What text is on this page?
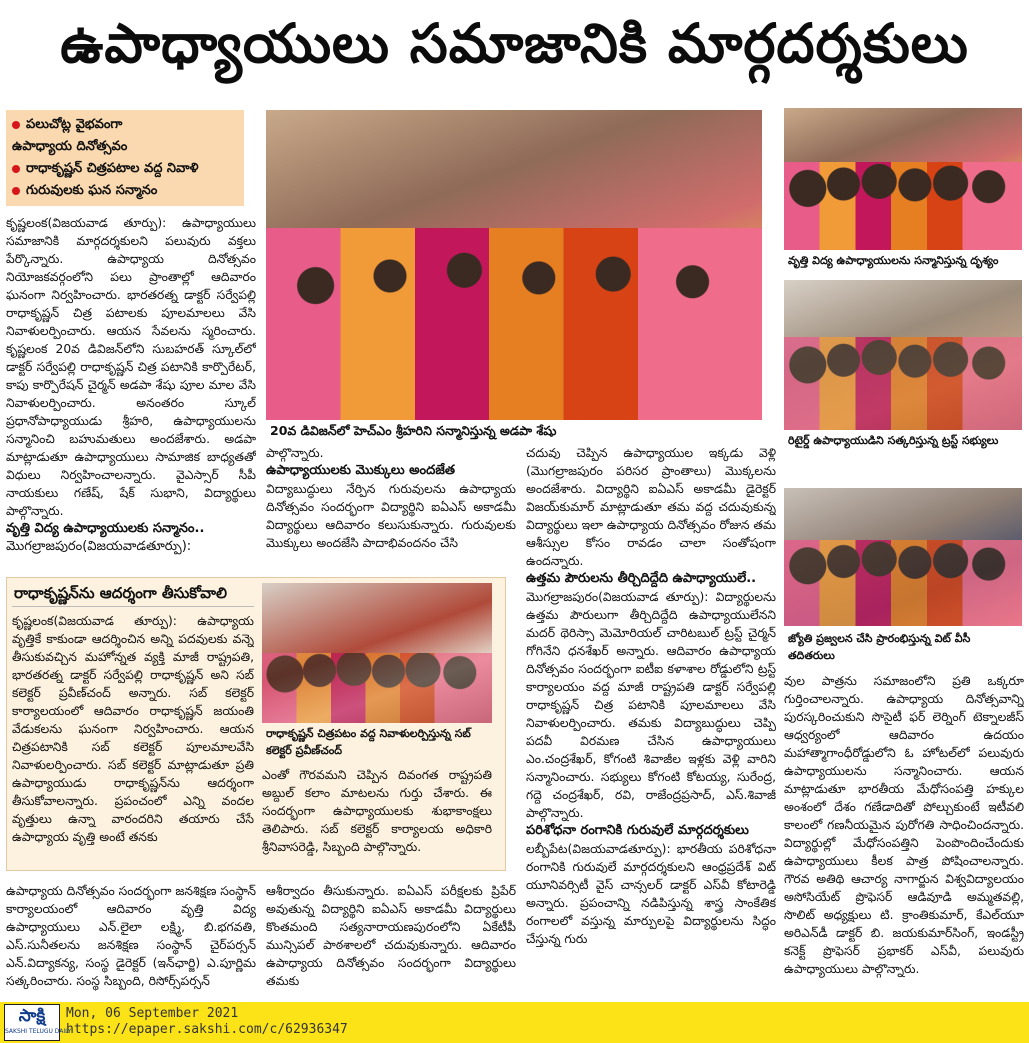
ఉపాధ్యాయులు సమాజానికి మార్గదర్శకులు
పలుచోట్ల వైభవంగా
ఉపాధ్యాయ దినోత్సవం
రాధాకృష్ణన్ చిత్రపటాల వద్ద నివాళి
గురువులకు ఘన సన్మానం

కృష్ణలంక(విజయవాడ తూర్పు): ఉపాధ్యాయులు సమాజానికి మార్గదర్శకులని పలువురు వక్తలు పేర్కొన్నారు. ఉపాధ్యాయ దినోత్సవం నియోజకవర్గంలోని పలు ప్రాంతాల్లో ఆదివారం ఘనంగా నిర్వహించారు. భారతరత్న డాక్టర్ సర్వేపల్లి రాధాకృష్ణన్ చిత్ర పటాలకు పూలమాలలు వేసి నివాళులర్పించారు. ఆయన సేవలను స్మరించారు. కృష్ణలంక 20వ డివిజన్‌లోని సుబహరత్ స్కూల్‌లో డాక్టర్ సర్వేపల్లి రాధాకృష్ణన్ చిత్ర పటానికి కార్పొరేటర్, కాపు కార్పొరేషన్ చైర్మన్ అడపా శేషు పూల మాల వేసి నివాళులర్పించారు. అనంతరం స్కూల్ ప్రధానోపాధ్యాయుడు శ్రీహరి, ఉపాధ్యాయులను సన్మానించి బహుమతులు అందజేశారు. అడపా మాట్లాడుతూ ఉపాధ్యాయులు సామాజిక బాధ్యతతో విధులు నిర్వహించాలన్నారు. వైఎస్సార్ సీపీ నాయకులు గణేష్, షేక్ సుభాని, విద్యార్థులు పాల్గొన్నారు.

వృత్తి విద్య ఉపాధ్యాయులకు సన్మానం..
మొగల్రాజపురం(విజయవాడతూర్పు):
20వ డివిజన్‌లో హెచ్‌ఎం శ్రీహరిని సన్మానిస్తున్న అడపా శేషు

పాల్గొన్నారు.

ఉపాధ్యాయులకు మొక్కులు అందజేత

విద్యాబుద్ధులు నేర్పిన గురువులను ఉపాధ్యాయ దినోత్సవం సందర్భంగా విద్యార్థిని ఐఏఎస్ అకాడమీ విద్యార్థులు ఆదివారం కలుసుకున్నారు. గురువులకు మొక్కులు అందజేసి పాదాభివందనం చేసి

చదువు చెప్పిన ఉపాధ్యాయుల ఇక్కడు వెళ్లి (మొగల్రాజపురం పరిసర ప్రాంతాలు) మొక్కలను అందజేశారు. విద్యార్థిని ఐఏఎస్ అకాడమీ డైరెక్టర్ విజయ్‌కుమార్ మాట్లాడుతూ తమ వద్ద చదువుకున్న విద్యార్థులు ఇలా ఉపాధ్యాయ దినోత్సవం రోజున తమ ఆశీస్సుల కోసం రావడం చాలా సంతోషంగా ఉందన్నారు.

ఉత్తమ పౌరులను తీర్చిదిద్దేది ఉపాధ్యాయులే..

మొగల్రాజపురం(విజయవాడ తూర్పు): విద్యార్థులను ఉత్తమ పౌరులుగా తీర్చిదిద్దేది ఉపాధ్యాయులేనని మదర్ థెరిస్సా మెమోరియల్ చారిటబుల్ ట్రస్ట్ చైర్మన్ గోగినేని ధనశేఖర్ అన్నారు. ఆదివారం ఉపాధ్యాయ దినోత్సవం సందర్భంగా ఐటీఐ కళాశాల రోడ్డులోని ట్రస్ట్ కార్యాలయం వద్ద మాజీ రాష్ట్రపతి డాక్టర్ సర్వేపల్లి రాధాకృష్ణన్ చిత్ర పటానికి పూలమాలలు వేసి నివాళులర్పించారు. తమకు విద్యాబుద్ధులు చెప్పి పదవీ విరమణ చేసిన ఉపాధ్యాయులు ఎం.చంద్రశేఖర్, కోగంటి శివాజీల ఇళ్లకు వెళ్లి వారిని సన్మానించారు. సభ్యులు కోగంటి కోటయ్య, సురేంద్ర, గద్దె చంద్రశేఖర్, రవి, రాజేంద్రప్రసాద్, ఎస్.శివాజీ పాల్గొన్నారు.

పరిశోధనా రంగానికి గురువులే మార్గదర్శకులు

లబ్బీపేట(విజయవాడతూర్పు): భారతీయ పరిశోధనా రంగానికి గురువులే మార్గదర్శకులని ఆంధ్రప్రదేశ్ విట్ యూనివర్సిటీ వైస్ చాన్సలర్ డాక్టర్ ఎస్‌వీ కోటారెడ్డి అన్నారు. ప్రపంచాన్ని నడిపిస్తున్న శాస్త్ర సాంకేతిక రంగాలలో వస్తున్న మార్పులపై విద్యార్థులను సిద్ధం చేస్తున్న గురు

వృత్తి విద్య ఉపాధ్యాయులను సన్మానిస్తున్న దృశ్యం
రిటైర్డ్ ఉపాధ్యాయుడిని సత్కరిస్తున్న ట్రస్ట్ సభ్యులు
జ్యోతి ప్రజ్వలన చేసి ప్రారంభిస్తున్న విట్ వీసీ తదితరులు

వుల పాత్రను సమాజంలోని ప్రతి ఒక్కరూ గుర్తించాలన్నారు. ఉపాధ్యాయ దినోత్సవాన్ని పురస్కరించుకుని సొసైటీ ఫర్ లెర్నింగ్ టెక్నాలజీస్ ఆధ్వర్యంలో ఆదివారం ఉదయం మహాత్మాగాంధీరోడ్డులోని ఓ హోటల్‌లో పలువురు ఉపాధ్యాయులను సన్మానించారు. ఆయన మాట్లాడుతూ భారతీయ మేధోసంపత్తి హక్కుల అంశంలో దేశం గణేడాదితో పోల్చుకుంటే ఇటీవలి కాలంలో గణనీయమైన పురోగతి సాధించిందన్నారు. విద్యార్థుల్లో మేధోసంపత్తిని పెంపొందించేందుకు ఉపాధ్యాయులు కీలక పాత్ర పోషించాలన్నారు. గౌరవ అతిథి ఆచార్య నాగార్జున విశ్వవిద్యాలయం అసోసియేట్ ప్రొఫెసర్ ఆడివూడి అమ్మతవల్లి, సొలిట్ అధ్యక్షులు టి. క్రాంతికుమార్, కేఎల్‌యూ అరిఎన్‌డీ డాక్టర్ బి. జయకుమార్‌సింగ్, ఇండస్ట్రీ కనెక్ట్ ప్రొఫెసర్ ప్రభాకర్ ఎస్‌వీ, పలువురు ఉపాధ్యాయులు పాల్గొన్నారు.

రాధాకృష్ణన్‌ను ఆదర్శంగా తీసుకోవాలి

కృష్ణలంక(విజయవాడ తూర్పు): ఉపాధ్యాయ వృత్తికే కాకుండా ఆదర్శించిన అన్ని పదవులకు వన్నె తీసుకువచ్చిన మహోన్నత వ్యక్తి మాజీ రాష్ట్రపతి, భారతరత్న డాక్టర్ సర్వేపల్లి రాధాకృష్ణన్ అని సబ్ కలెక్టర్ ప్రవీణ్‌చంద్ అన్నారు. సబ్ కలెక్టర్ కార్యాలయంలో ఆదివారం రాధాకృష్ణన్ జయంతి వేడుకలను ఘనంగా నిర్వహించారు. ఆయన చిత్రపటానికి సబ్ కలెక్టర్ పూలమాలవేసి నివాళులర్పించారు. సబ్ కలెక్టర్ మాట్లాడుతూ ప్రతి ఉపాధ్యాయుడు రాధాకృష్ణన్‌ను ఆదర్శంగా తీసుకోవాలన్నారు. ప్రపంచంలో ఎన్ని వందల వృత్తులు ఉన్నా వారందరిని తయారు చేసే ఉపాధ్యాయ వృత్తి అంటే తనకు

రాధాకృష్ణన్ చిత్రపటం వద్ద నివాళులర్పిస్తున్న సబ్ కలెక్టర్ ప్రవీణ్‌చంద్

ఎంతో గౌరవమని చెప్పిన దివంగత రాష్ట్రపతి అబ్దుల్ కలాం మాటలను గుర్తు చేశారు. ఈ సందర్భంగా ఉపాధ్యాయులకు శుభాకాంక్షలు తెలిపారు. సబ్ కలెక్టర్ కార్యాలయ అధికారి శ్రీనివాసరెడ్డి, సిబ్బంది పాల్గొన్నారు.

ఉపాధ్యాయ దినోత్సవం సందర్భంగా జనశిక్షణ సంస్థాన్ కార్యాలయంలో ఆదివారం వృత్తి విద్య ఉపాధ్యాయులు ఎన్.లైలా లక్ష్మి, బి.భగవతి, ఎస్.సునీతలను జనశిక్షణ సంస్థాన్ చైర్‌పర్సన్ ఎన్.విద్యాకన్య, సంస్థ డైరెక్టర్ (ఇన్‌ఛార్జి) ఎ.పూర్ణిమ సత్కరించారు. సంస్థ సిబ్బంది, రిసోర్స్‌పర్సన్

ఆశీర్వాదం తీసుకున్నారు. ఐఏఎస్ పరీక్షలకు ప్రిపేర్ అవుతున్న విద్యార్థిని ఐఏఎస్ అకాడమీ విద్యార్థులు కొంతమంది సత్యనారాయణపురంలోని ఏకేటీపీ మున్సిపల్ పాఠశాలలో చదువుకున్నారు. ఆదివారం ఉపాధ్యాయ దినోత్సవం సందర్భంగా విద్యార్థులు తమకు

సాక్షి
SAKSHI TELUGU DAILY
Mon, 06 September 2021
https://epaper.sakshi.com/c/62936347
